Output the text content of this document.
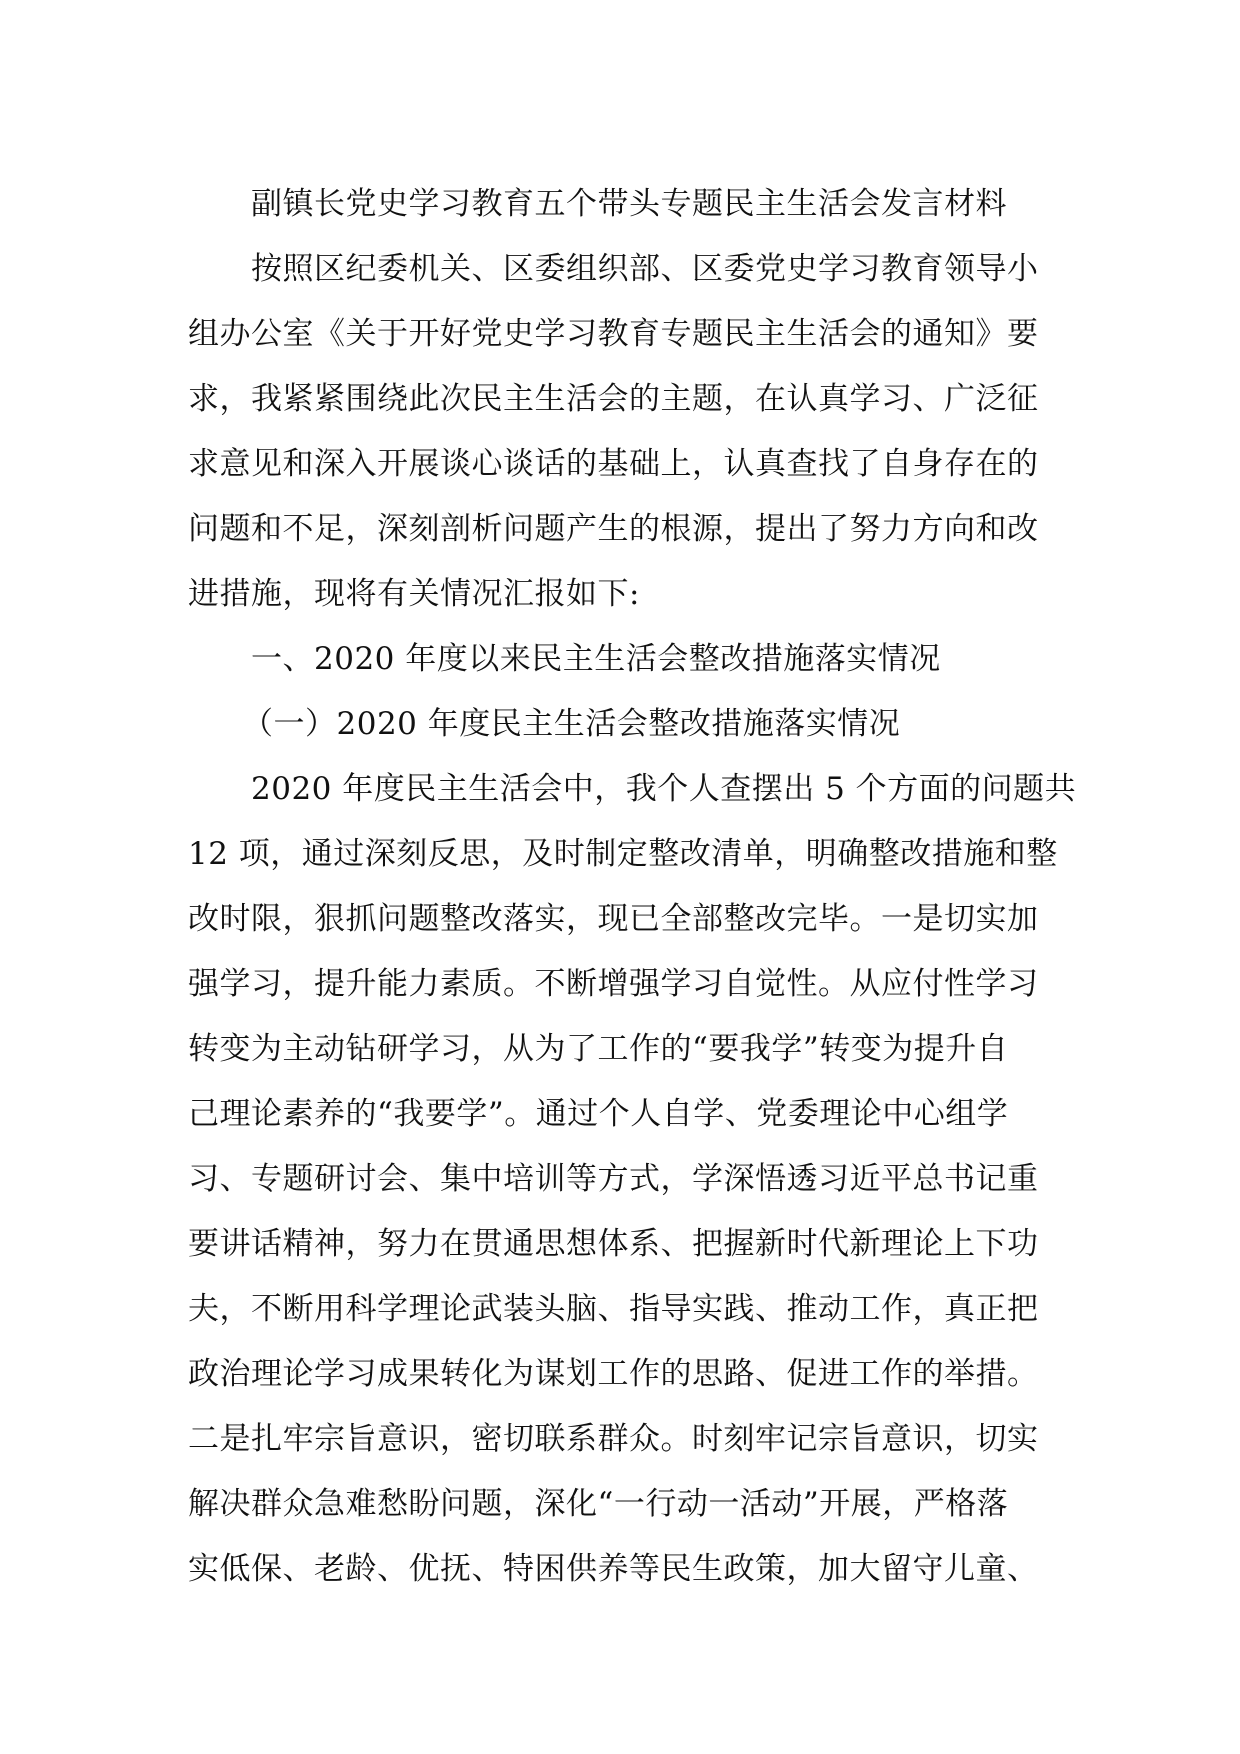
副镇长党史学习教育五个带头专题民主生活会发言材料
按照区纪委机关、区委组织部、区委党史学习教育领导小
组办公室《关于开好党史学习教育专题民主生活会的通知》要
求，我紧紧围绕此次民主生活会的主题，在认真学习、广泛征
求意见和深入开展谈心谈话的基础上，认真查找了自身存在的
问题和不足，深刻剖析问题产生的根源，提出了努力方向和改
进措施，现将有关情况汇报如下:
一、2020 年度以来民主生活会整改措施落实情况
（一）2020 年度民主生活会整改措施落实情况
2020 年度民主生活会中，我个人查摆出 5 个方面的问题共
12 项，通过深刻反思，及时制定整改清单，明确整改措施和整
改时限，狠抓问题整改落实，现已全部整改完毕。一是切实加
强学习，提升能力素质。不断增强学习自觉性。从应付性学习
转变为主动钻研学习，从为了工作的“要我学”转变为提升自
己理论素养的“我要学”。通过个人自学、党委理论中心组学
习、专题研讨会、集中培训等方式，学深悟透习近平总书记重
要讲话精神，努力在贯通思想体系、把握新时代新理论上下功
夫，不断用科学理论武装头脑、指导实践、推动工作，真正把
政治理论学习成果转化为谋划工作的思路、促进工作的举措。
二是扎牢宗旨意识，密切联系群众。时刻牢记宗旨意识，切实
解决群众急难愁盼问题，深化“一行动一活动”开展，严格落
实低保、老龄、优抚、特困供养等民生政策，加大留守儿童、
